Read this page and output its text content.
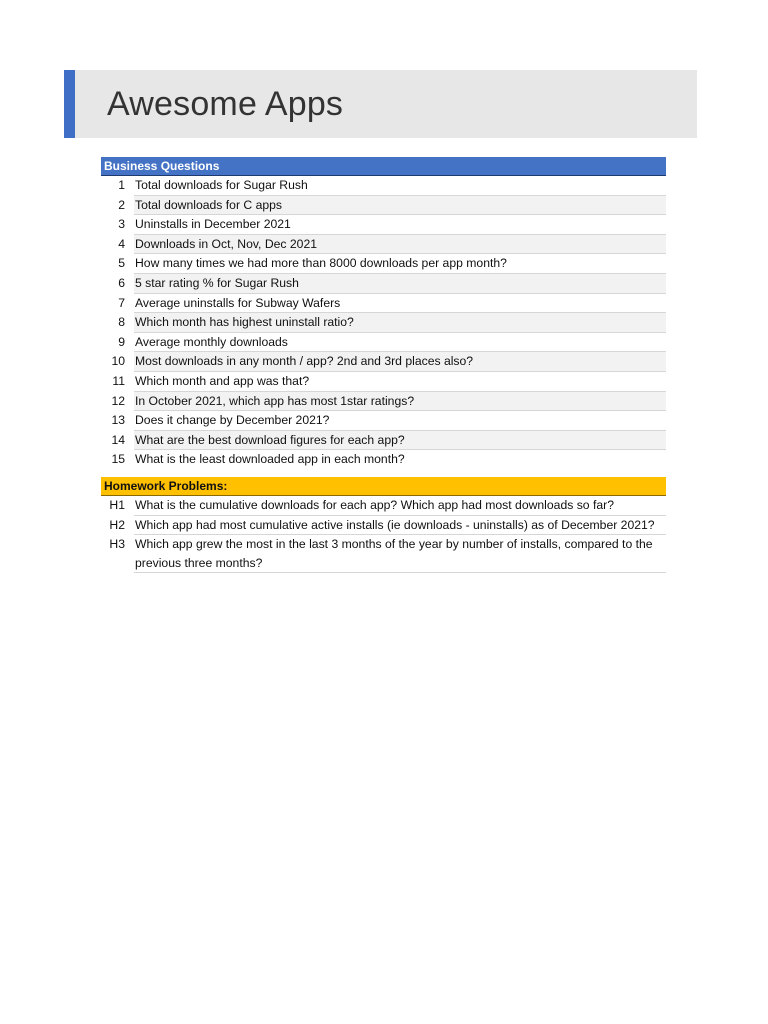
Awesome Apps
Business Questions
1 Total downloads for Sugar Rush
2 Total downloads for C apps
3 Uninstalls in December 2021
4 Downloads in Oct, Nov, Dec 2021
5 How many times we had more than 8000 downloads per app month?
6 5 star rating % for Sugar Rush
7 Average uninstalls for Subway Wafers
8 Which month has highest uninstall ratio?
9 Average monthly downloads
10 Most downloads in any month / app? 2nd and 3rd places also?
11 Which month and app was that?
12 In October 2021, which app has most 1star ratings?
13 Does it change by December 2021?
14 What are the best download figures for each app?
15 What is the least downloaded app in each month?
Homework Problems:
H1 What is the cumulative downloads for each app? Which app had most downloads so far?
H2 Which app had most cumulative active installs (ie downloads - uninstalls) as of December 2021?
H3 Which app grew the most in the last 3 months of the year by number of installs, compared to the previous three months?
